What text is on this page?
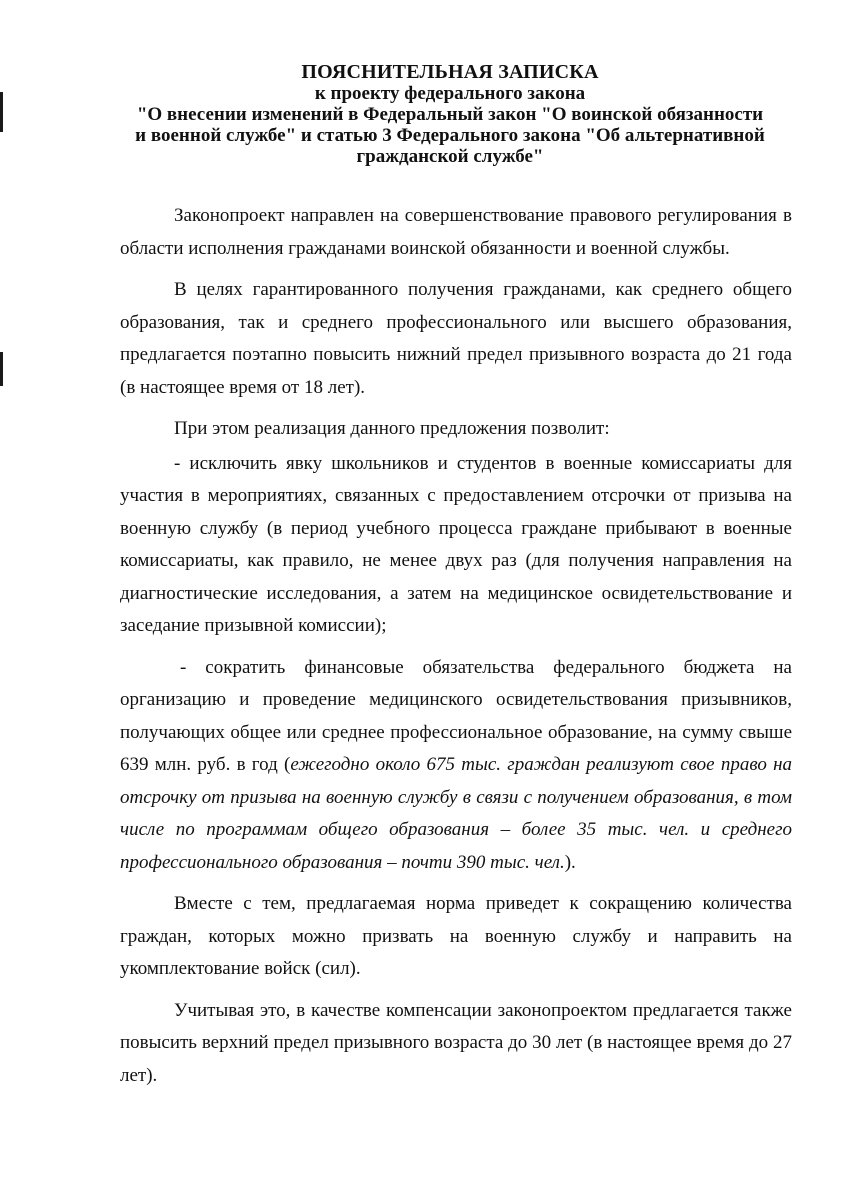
ПОЯСНИТЕЛЬНАЯ ЗАПИСКА
к проекту федерального закона
"О внесении изменений в Федеральный закон "О воинской обязанности
и военной службе" и статью 3 Федерального закона "Об альтернативной
гражданской службе"

Законопроект направлен на совершенствование правового регулирования в области исполнения гражданами воинской обязанности и военной службы.

В целях гарантированного получения гражданами, как среднего общего образования, так и среднего профессионального или высшего образования, предлагается поэтапно повысить нижний предел призывного возраста до 21 года (в настоящее время от 18 лет).

При этом реализация данного предложения позволит:

- исключить явку школьников и студентов в военные комиссариаты для участия в мероприятиях, связанных с предоставлением отсрочки от призыва на военную службу (в период учебного процесса граждане прибывают в военные комиссариаты, как правило, не менее двух раз (для получения направления на диагностические исследования, а затем на медицинское освидетельствование и заседание призывной комиссии);

- сократить финансовые обязательства федерального бюджета на организацию и проведение медицинского освидетельствования призывников, получающих общее или среднее профессиональное образование, на сумму свыше 639 млн. руб. в год (ежегодно около 675 тыс. граждан реализуют свое право на отсрочку от призыва на военную службу в связи с получением образования, в том числе по программам общего образования – более 35 тыс. чел. и среднего профессионального образования – почти 390 тыс. чел.).

Вместе с тем, предлагаемая норма приведет к сокращению количества граждан, которых можно призвать на военную службу и направить на укомплектование войск (сил).

Учитывая это, в качестве компенсации законопроектом предлагается также повысить верхний предел призывного возраста до 30 лет (в настоящее время до 27 лет).
